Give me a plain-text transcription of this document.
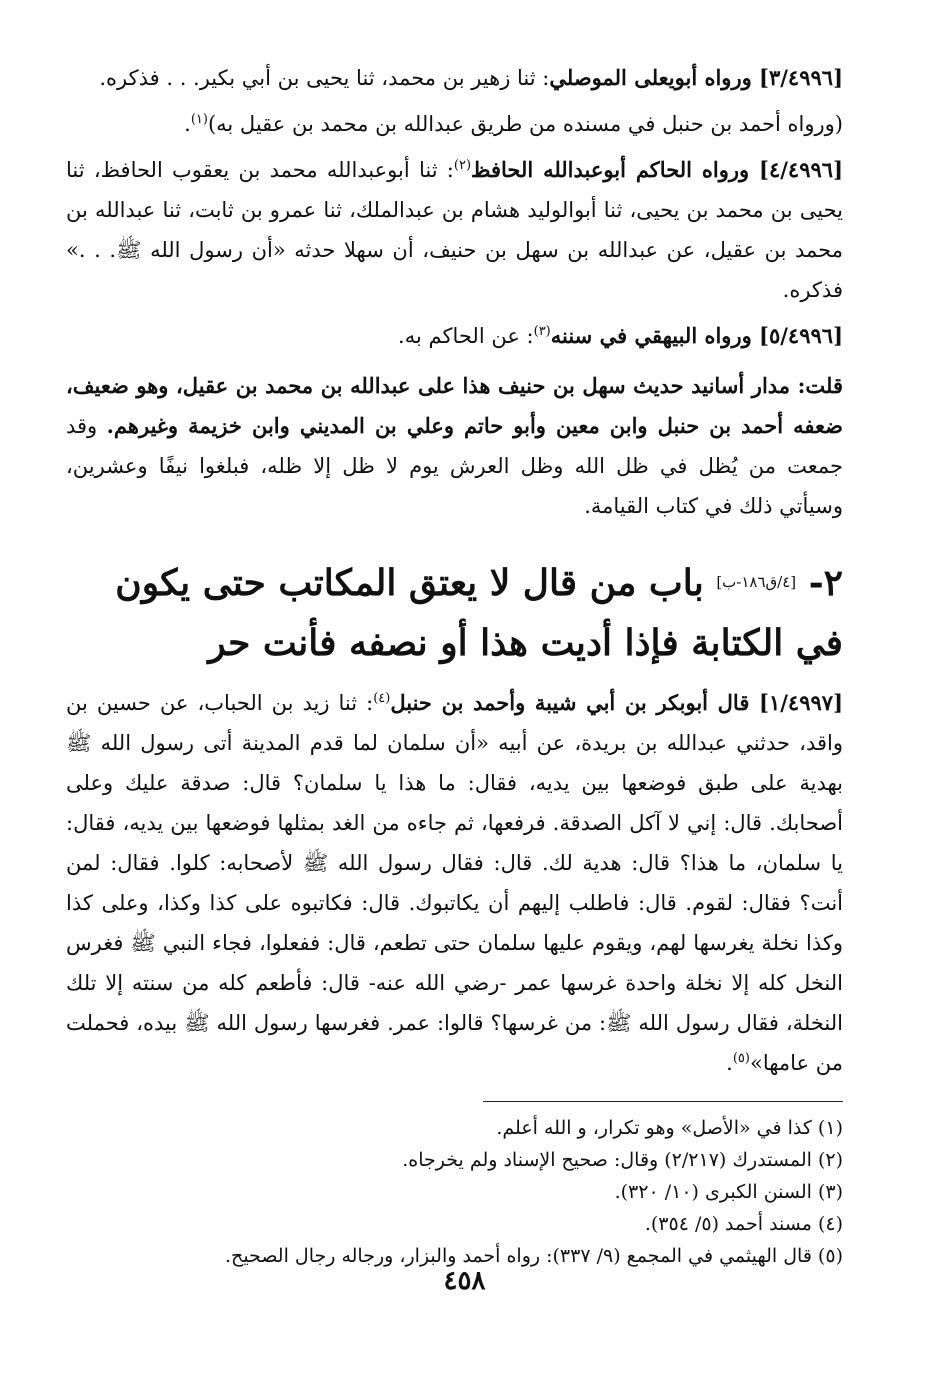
[٣/٤٩٩٦] وروا‌ه أبويعلى الموصلي: ثنا زهير بن محمد، ثنا يحيى بن أبي بكير. . . فذكره.

(ورواه أحمد بن حنبل في مسنده من طريق عبدالله بن محمد بن عقيل به)$^{(١)}$.

[٤/٤٩٩٦] ورواه الحاكم أبوعبدالله الحافظ$^{(٢)}$: ثنا أبوعبدالله محمد بن يعقوب الحافظ، ثنا يحيى بن محمد بن يحيى، ثنا أبوالوليد هشام بن عبدالملك، ثنا عمرو بن ثابت، ثنا عبدالله بن محمد بن عقيل، عن عبدالله بن سهل بن حنيف، أن سهلا حدثه «أن رسول الله ﷺ. . .» فذكره.

[٥/٤٩٩٦] ورواه البيهقي في سننه$^{(٣)}$: عن الحاكم به.

قلت: مدار أسانيد حديث سهل بن حنيف هذا على عبدالله بن محمد بن عقيل، وهو ضعيف، ضعفه أحمد بن حنبل وابن معين وأبو حاتم وعلي بن المديني وابن خزيمة وغيرهم. وقد جمعت من يُظل في ظل الله وظل العرش يوم لا ظل إلا ظله، فبلغوا نيفًا وعشرين، وسيأتي ذلك في كتاب القيامة.

٢- [٤/ق١٨٦-ب] باب من قال لا يعتق المكاتب حتى يكون في الكتابة فإذا أديت هذا أو نصفه فأنت حر

[١/٤٩٩٧] قال أبوبكر بن أبي شيبة وأحمد بن حنبل$^{(٤)}$: ثنا زيد بن الحباب، عن حسين بن واقد، حدثني عبدالله بن بريدة، عن أبيه «أن سلمان لما قدم المدينة أتى رسول الله ﷺ بهدية على طبق فوضعها بين يديه، فقال: ما هذا يا سلمان؟ قال: صدقة عليك وعلى أصحابك. قال: إني لا آكل الصدقة. فرفعها، ثم جاءه من الغد بمثلها فوضعها بين يديه، فقال: يا سلمان، ما هذا؟ قال: هدية لك. قال: فقال رسول الله ﷺ لأصحابه: كلوا. فقال: لمن أنت؟ فقال: لقوم. قال: فاطلب إليهم أن يكاتبوك. قال: فكاتبوه على كذا وكذا، وعلى كذا وكذا نخلة يغرسها لهم، ويقوم عليها سلمان حتى تطعم، قال: ففعلوا، فجاء النبي ﷺ فغرس النخل كله إلا نخلة واحدة غرسها عمر -رضي الله عنه- قال: فأطعم كله من سنته إلا تلك النخلة، فقال رسول الله ﷺ: من غرسها؟ قالوا: عمر. فغرسها رسول الله ﷺ بيده، فحملت من عامها»$^{(٥)}$.

(١) كذا في «الأصل» وهو تكرار، و الله أعلم.

(٢) المستدرك (٢/٢١٧) وقال: صحيح الإسناد ولم يخرجاه.

(٣) السنن الكبرى (١٠/ ٣٢٠).

(٤) مسند أحمد (٥/ ٣٥٤).

(٥) قال الهيثمي في المجمع (٩/ ٣٣٧): رواه أحمد والبزار، ورجاله رجال الصحيح.

٤٥٨
